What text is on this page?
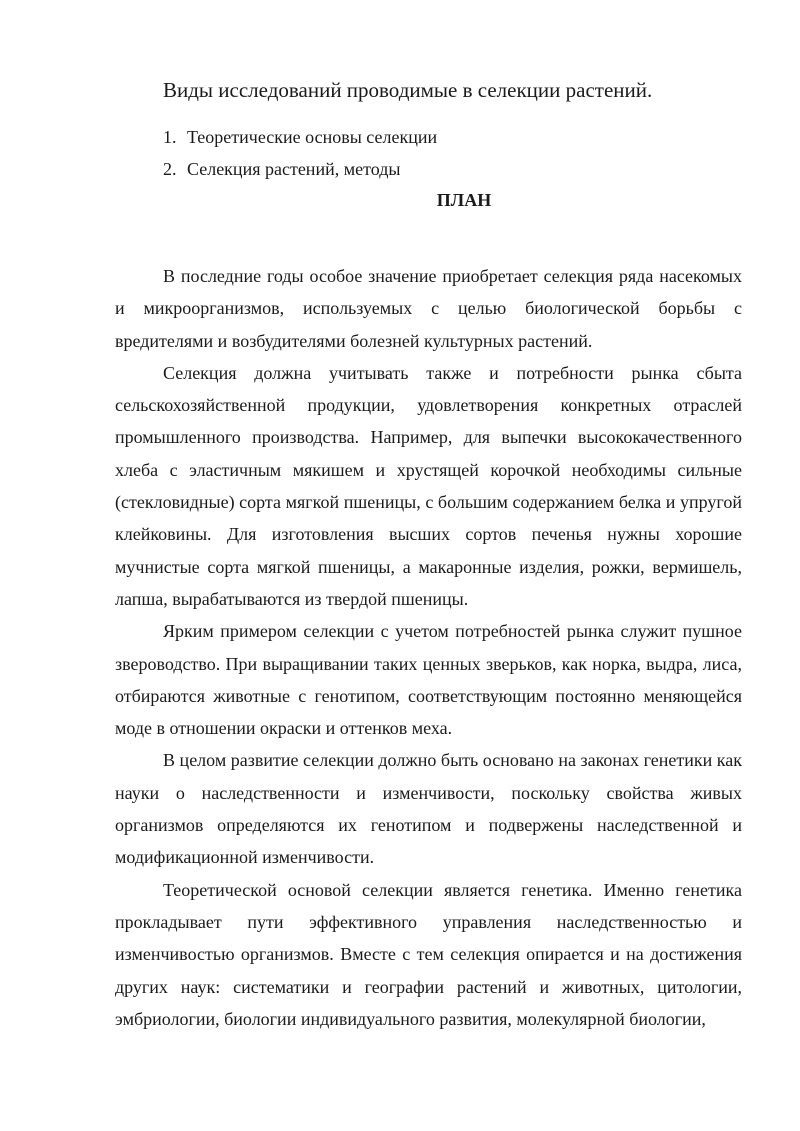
Виды исследований проводимые в селекции растений.
1. Теоретические основы селекции
2. Селекция растений, методы
ПЛАН

В последние годы особое значение приобретает селекция ряда насекомых и микроорганизмов, используемых с целью биологической борьбы с вредителями и возбудителями болезней культурных растений.

Селекция должна учитывать также и потребности рынка сбыта сельскохозяйственной продукции, удовлетворения конкретных отраслей промышленного производства. Например, для выпечки высококачественного хлеба с эластичным мякишем и хрустящей корочкой необходимы сильные (стекловидные) сорта мягкой пшеницы, с большим содержанием белка и упругой клейковины. Для изготовления высших сортов печенья нужны хорошие мучнистые сорта мягкой пшеницы, а макаронные изделия, рожки, вермишель, лапша, вырабатываются из твердой пшеницы.

Ярким примером селекции с учетом потребностей рынка служит пушное звероводство. При выращивании таких ценных зверьков, как норка, выдра, лиса, отбираются животные с генотипом, соответствующим постоянно меняющейся моде в отношении окраски и оттенков меха.

В целом развитие селекции должно быть основано на законах генетики как науки о наследственности и изменчивости, поскольку свойства живых организмов определяются их генотипом и подвержены наследственной и модификационной изменчивости.

Теоретической основой селекции является генетика. Именно генетика прокладывает пути эффективного управления наследственностью и изменчивостью организмов. Вместе с тем селекция опирается и на достижения других наук: систематики и географии растений и животных, цитологии, эмбриологии, биологии индивидуального развития, молекулярной биологии,
